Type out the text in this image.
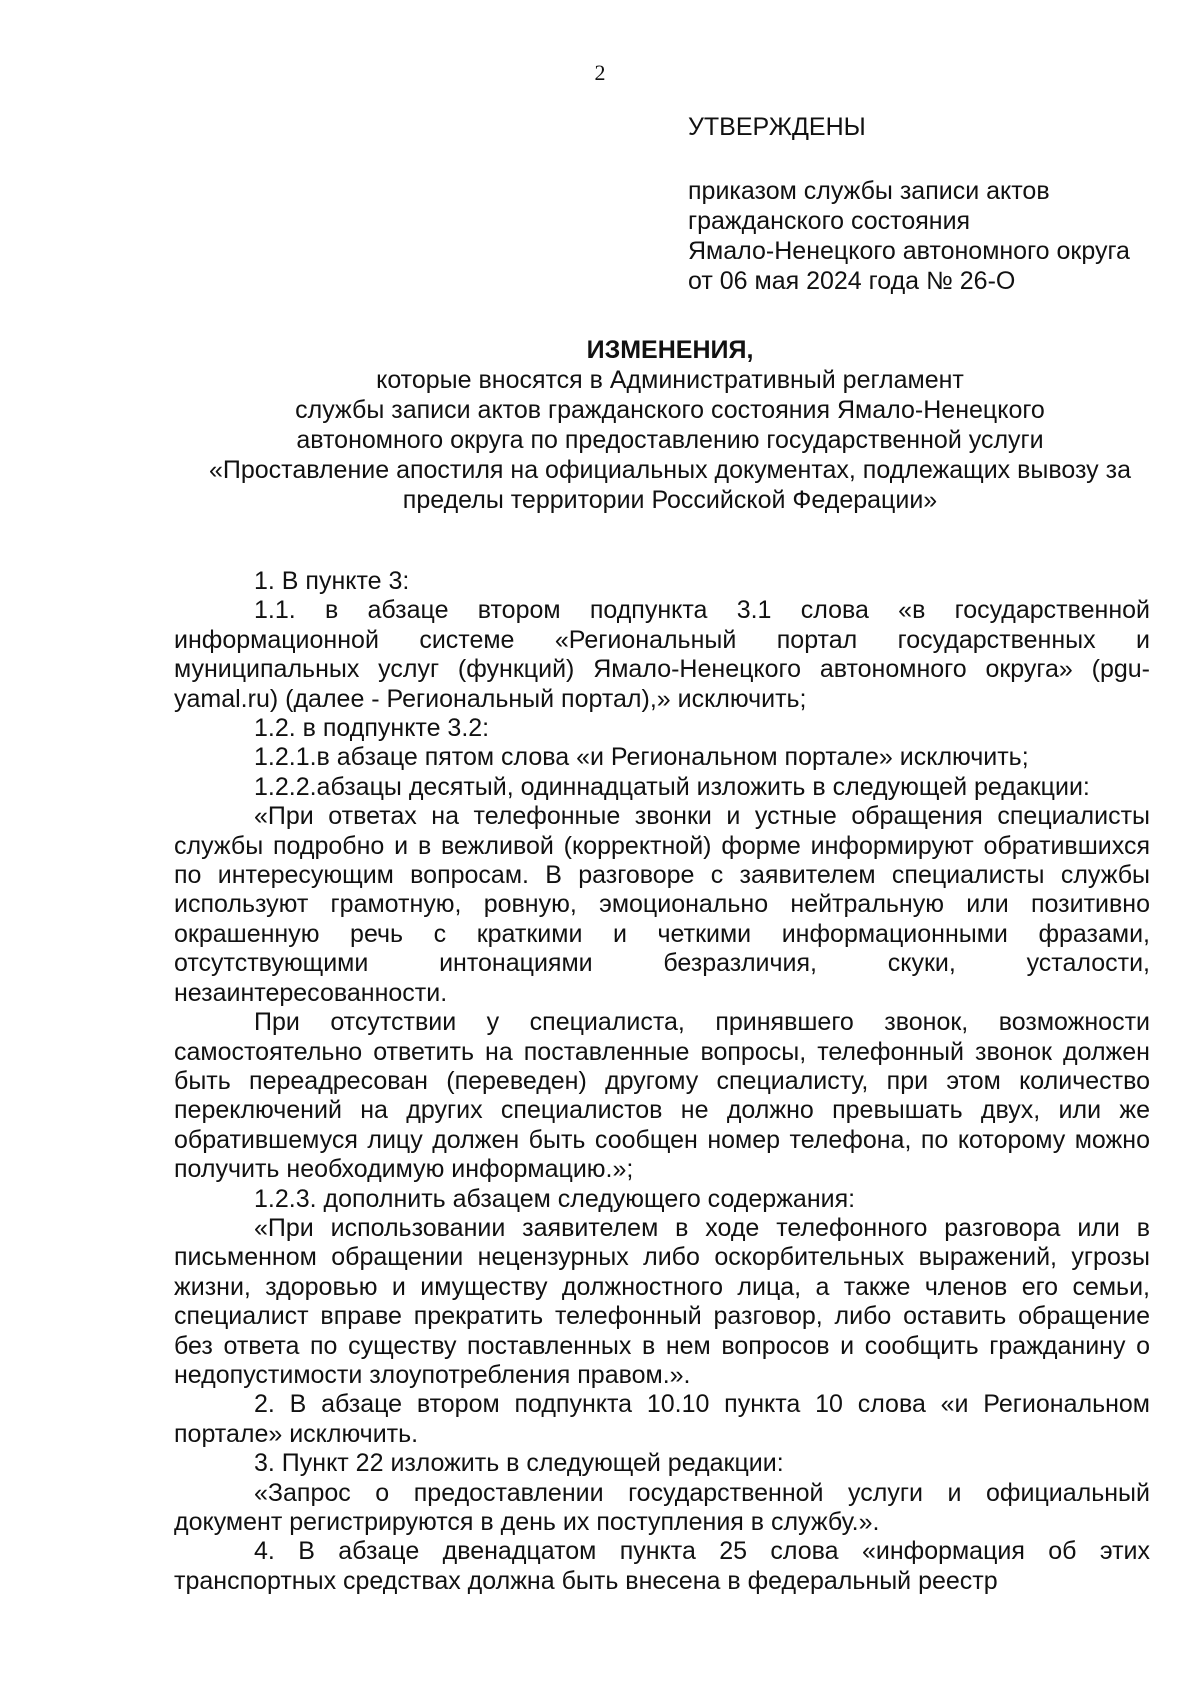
2
УТВЕРЖДЕНЫ
приказом службы записи актов
гражданского состояния
Ямало-Ненецкого автономного округа
от 06 мая 2024 года № 26-О
ИЗМЕНЕНИЯ,
которые вносятся в Административный регламент
службы записи актов гражданского состояния Ямало-Ненецкого
автономного округа по предоставлению государственной услуги
«Проставление апостиля на официальных документах, подлежащих вывозу за
пределы территории Российской Федерации»

1. В пункте 3:

1.1. в абзаце втором подпункта 3.1 слова «в государственной информационной системе «Региональный портал государственных и муниципальных услуг (функций) Ямало-Ненецкого автономного округа» (pgu-yamal.ru) (далее - Региональный портал),» исключить;

1.2. в подпункте 3.2:

1.2.1.в абзаце пятом слова «и Региональном портале» исключить;

1.2.2.абзацы десятый, одиннадцатый изложить в следующей редакции:

«При ответах на телефонные звонки и устные обращения специалисты службы подробно и в вежливой (корректной) форме информируют обратившихся по интересующим вопросам. В разговоре с заявителем специалисты службы используют грамотную, ровную, эмоционально нейтральную или позитивно окрашенную речь с краткими и четкими информационными фразами, отсутствующими интонациями безразличия, скуки, усталости, незаинтересованности.

При отсутствии у специалиста, принявшего звонок, возможности самостоятельно ответить на поставленные вопросы, телефонный звонок должен быть переадресован (переведен) другому специалисту, при этом количество переключений на других специалистов не должно превышать двух, или же обратившемуся лицу должен быть сообщен номер телефона, по которому можно получить необходимую информацию.»;

1.2.3. дополнить абзацем следующего содержания:

«При использовании заявителем в ходе телефонного разговора или в письменном обращении нецензурных либо оскорбительных выражений, угрозы жизни, здоровью и имуществу должностного лица, а также членов его семьи, специалист вправе прекратить телефонный разговор, либо оставить обращение без ответа по существу поставленных в нем вопросов и сообщить гражданину о недопустимости злоупотребления правом.».

2. В абзаце втором подпункта 10.10 пункта 10 слова «и Региональном портале» исключить.

3. Пункт 22 изложить в следующей редакции:

«Запрос о предоставлении государственной услуги и официальный документ регистрируются в день их поступления в службу.».

4. В абзаце двенадцатом пункта 25 слова «информация об этих транспортных средствах должна быть внесена в федеральный реестр
